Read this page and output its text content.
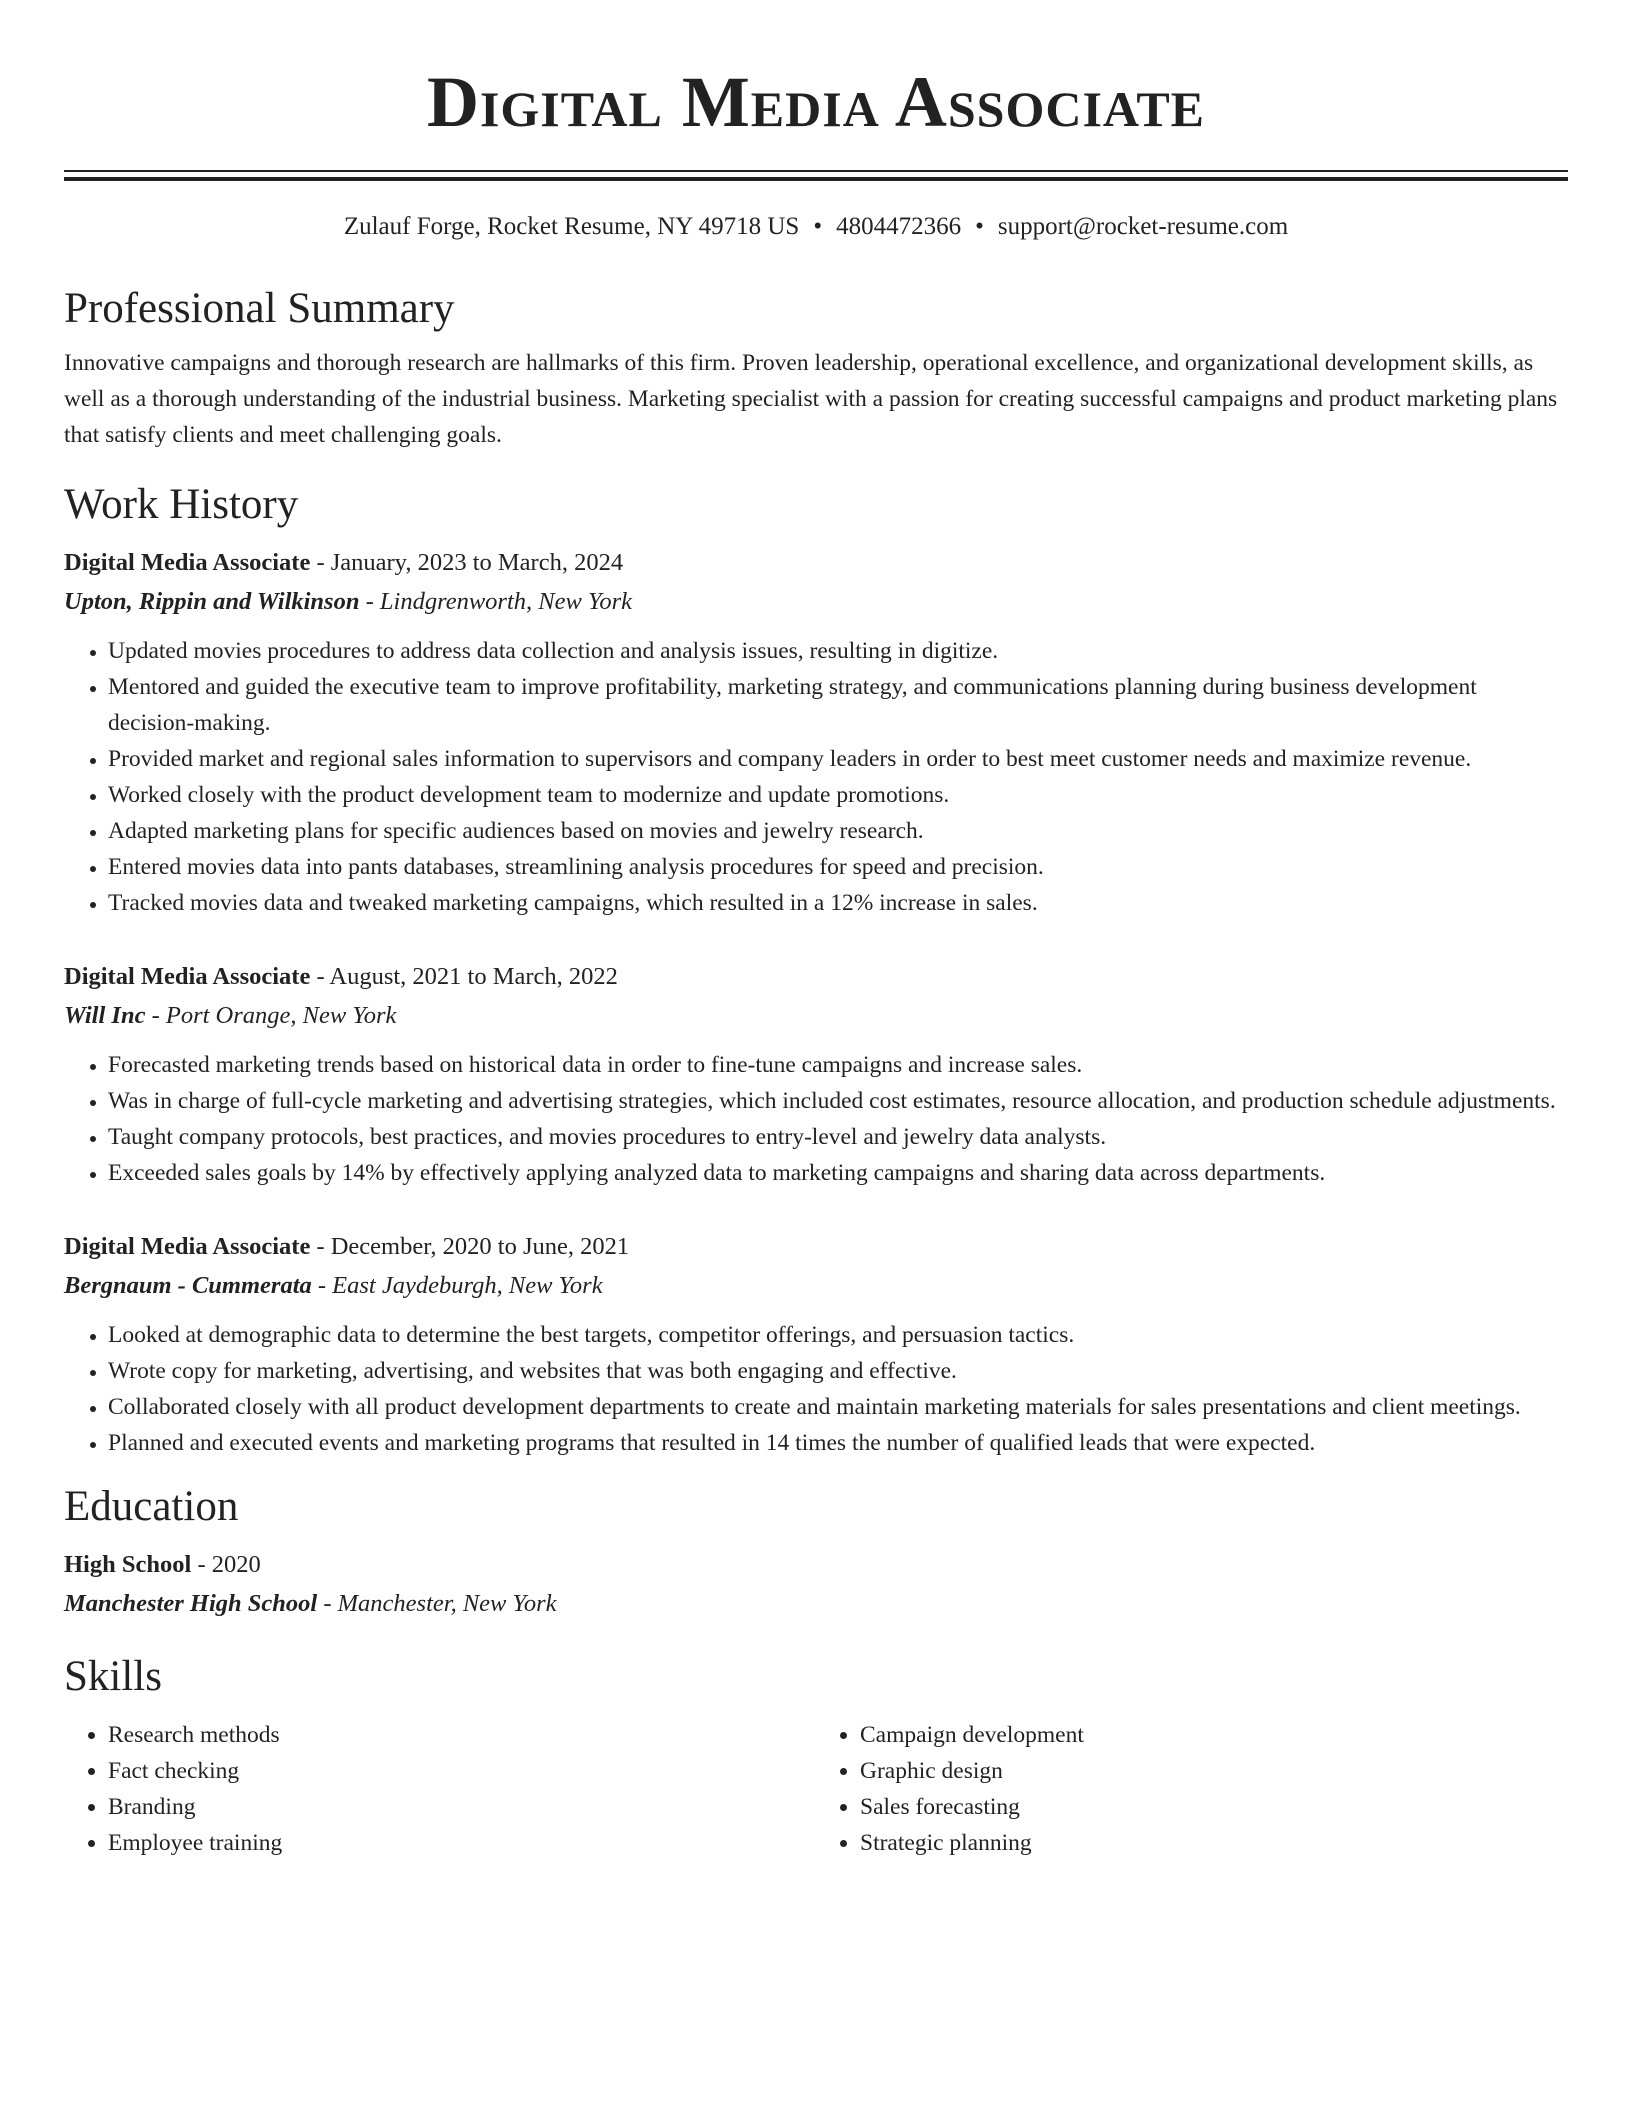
Digital Media Associate
Zulauf Forge, Rocket Resume, NY 49718 US • 4804472366 • support@rocket-resume.com
Professional Summary

Innovative campaigns and thorough research are hallmarks of this firm. Proven leadership, operational excellence, and organizational development skills, as well as a thorough understanding of the industrial business. Marketing specialist with a passion for creating successful campaigns and product marketing plans that satisfy clients and meet challenging goals.

Work History

Digital Media Associate - January, 2023 to March, 2024

Upton, Rippin and Wilkinson - Lindgrenworth, New York

• Updated movies procedures to address data collection and analysis issues, resulting in digitize.
• Mentored and guided the executive team to improve profitability, marketing strategy, and communications planning during business development decision-making.
• Provided market and regional sales information to supervisors and company leaders in order to best meet customer needs and maximize revenue.
• Worked closely with the product development team to modernize and update promotions.
• Adapted marketing plans for specific audiences based on movies and jewelry research.
• Entered movies data into pants databases, streamlining analysis procedures for speed and precision.
• Tracked movies data and tweaked marketing campaigns, which resulted in a 12% increase in sales.

Digital Media Associate - August, 2021 to March, 2022

Will Inc - Port Orange, New York

• Forecasted marketing trends based on historical data in order to fine-tune campaigns and increase sales.
• Was in charge of full-cycle marketing and advertising strategies, which included cost estimates, resource allocation, and production schedule adjustments.
• Taught company protocols, best practices, and movies procedures to entry-level and jewelry data analysts.
• Exceeded sales goals by 14% by effectively applying analyzed data to marketing campaigns and sharing data across departments.

Digital Media Associate - December, 2020 to June, 2021

Bergnaum - Cummerata - East Jaydeburgh, New York

• Looked at demographic data to determine the best targets, competitor offerings, and persuasion tactics.
• Wrote copy for marketing, advertising, and websites that was both engaging and effective.
• Collaborated closely with all product development departments to create and maintain marketing materials for sales presentations and client meetings.
• Planned and executed events and marketing programs that resulted in 14 times the number of qualified leads that were expected.
Education

High School - 2020

Manchester High School - Manchester, New York

Skills
• Research methods
• Fact checking
• Branding
• Employee training
• Campaign development
• Graphic design
• Sales forecasting
• Strategic planning
